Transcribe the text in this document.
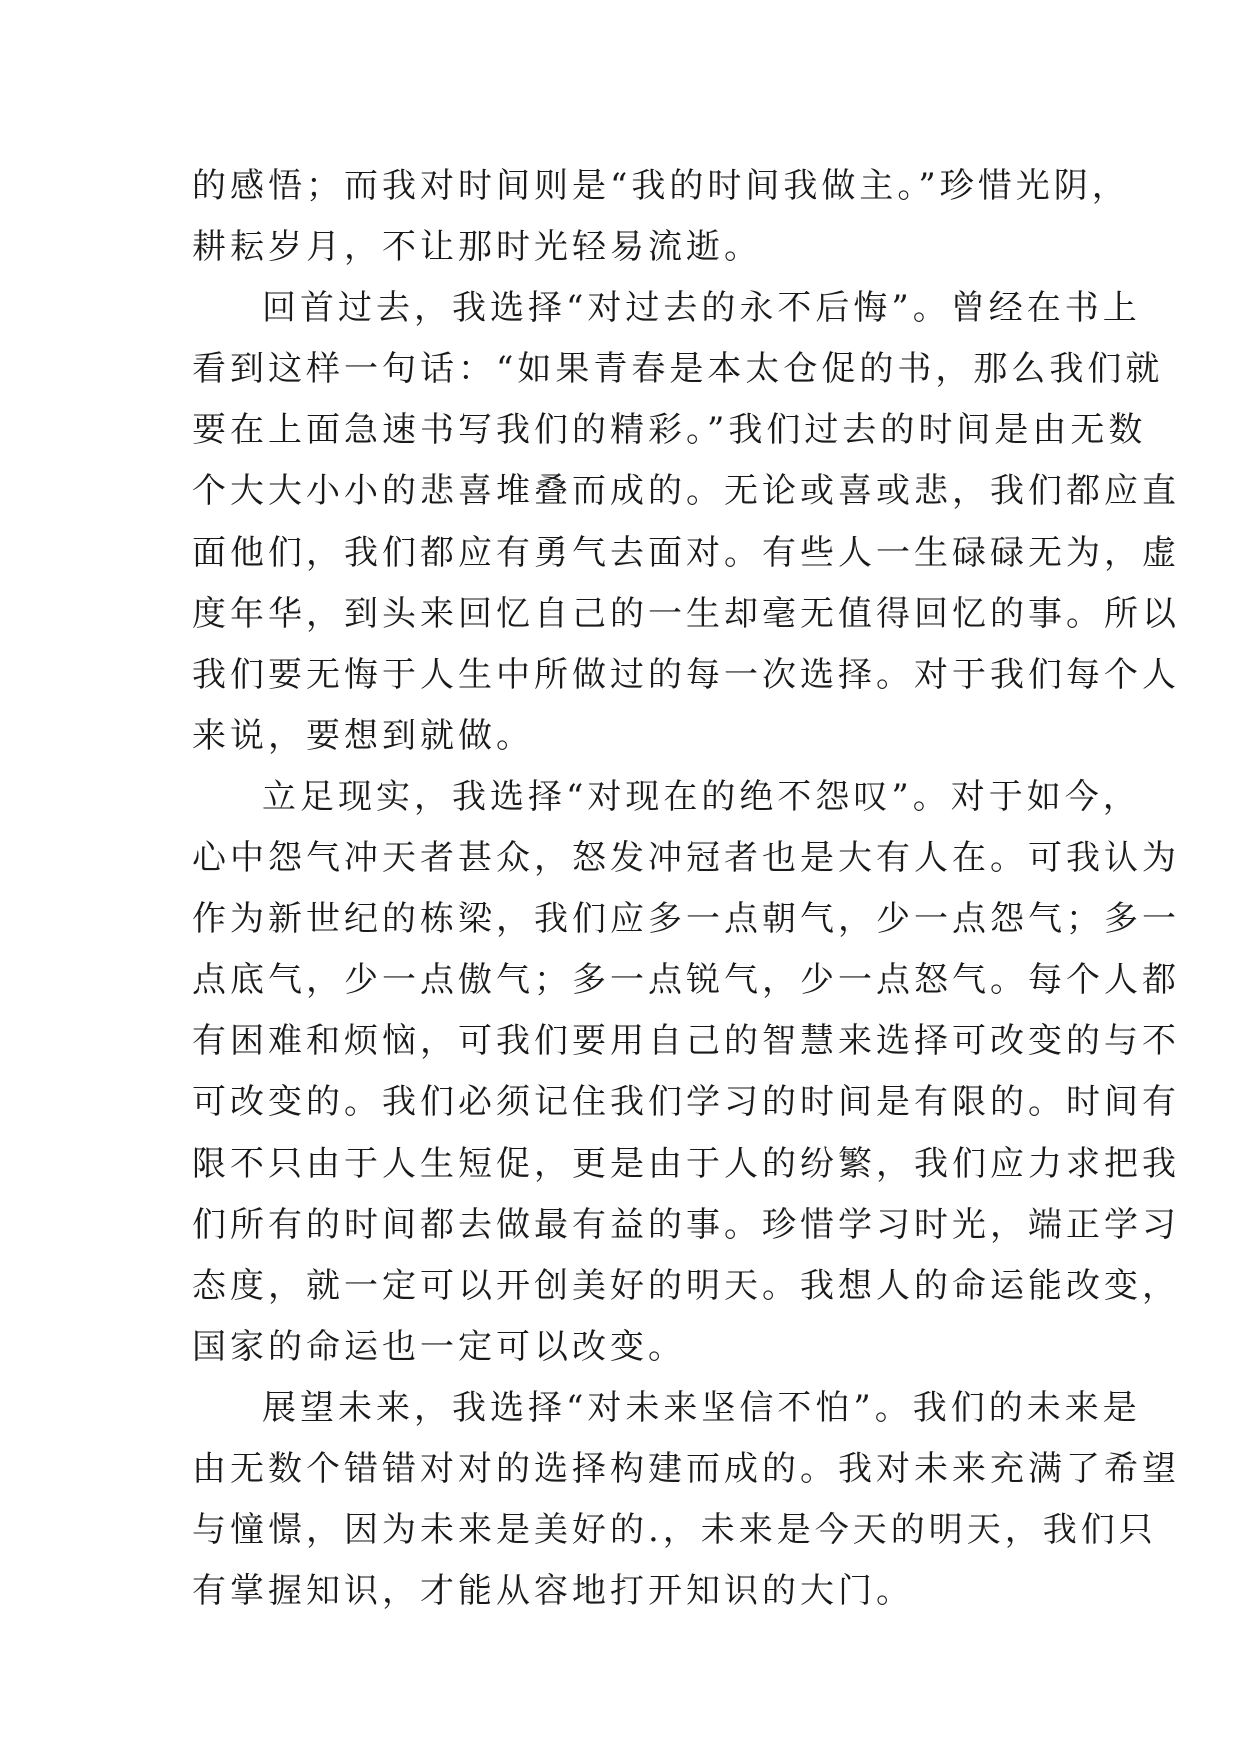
的感悟；而我对时间则是“我的时间我做主。”珍惜光阴，
耕耘岁月，不让那时光轻易流逝。
回首过去，我选择“对过去的永不后悔”。曾经在书上
看到这样一句话：“如果青春是本太仓促的书，那么我们就
要在上面急速书写我们的精彩。”我们过去的时间是由无数
个大大小小的悲喜堆叠而成的。无论或喜或悲，我们都应直
面他们，我们都应有勇气去面对。有些人一生碌碌无为，虚
度年华，到头来回忆自己的一生却毫无值得回忆的事。所以
我们要无悔于人生中所做过的每一次选择。对于我们每个人
来说，要想到就做。
立足现实，我选择“对现在的绝不怨叹”。对于如今，
心中怨气冲天者甚众，怒发冲冠者也是大有人在。可我认为
作为新世纪的栋梁，我们应多一点朝气，少一点怨气；多一
点底气，少一点傲气；多一点锐气，少一点怒气。每个人都
有困难和烦恼，可我们要用自己的智慧来选择可改变的与不
可改变的。我们必须记住我们学习的时间是有限的。时间有
限不只由于人生短促，更是由于人的纷繁，我们应力求把我
们所有的时间都去做最有益的事。珍惜学习时光，端正学习
态度，就一定可以开创美好的明天。我想人的命运能改变，
国家的命运也一定可以改变。
展望未来，我选择“对未来坚信不怕”。我们的未来是
由无数个错错对对的选择构建而成的。我对未来充满了希望
与憧憬，因为未来是美好的.，未来是今天的明天，我们只
有掌握知识，才能从容地打开知识的大门。
